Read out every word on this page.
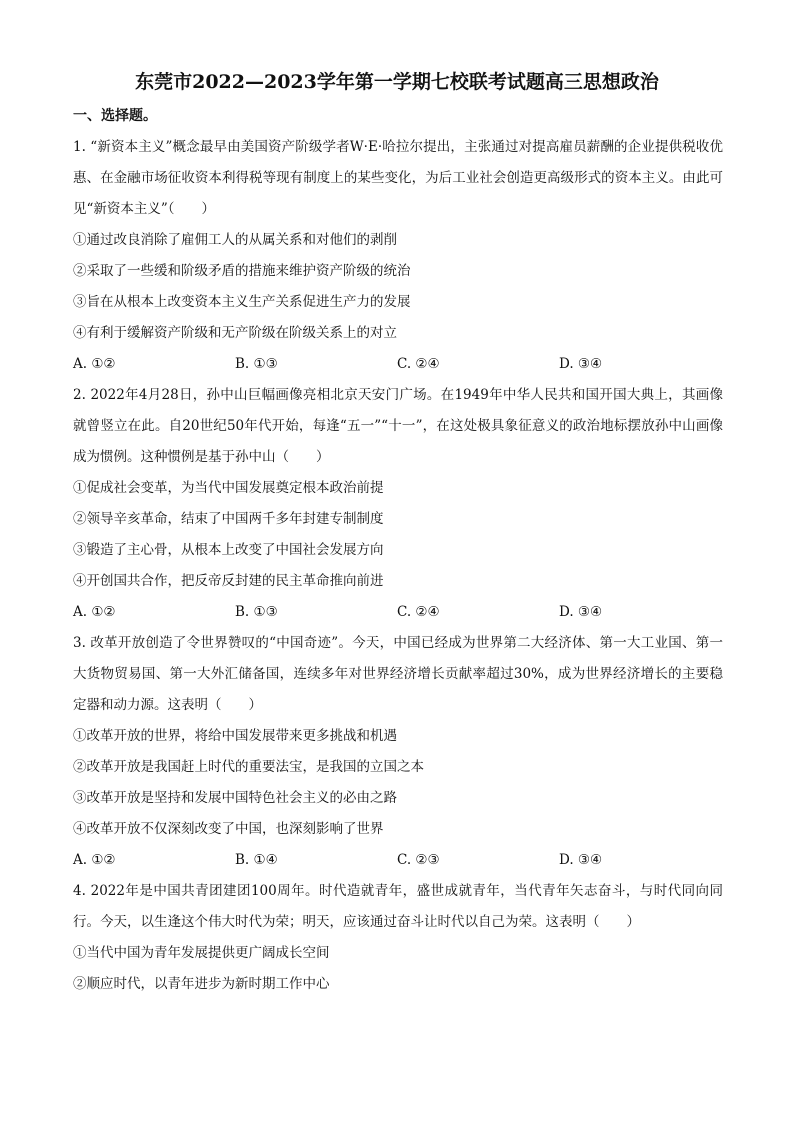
东莞市2022—2023学年第一学期七校联考试题高三思想政治
一、选择题。

1. “新资本主义”概念最早由美国资产阶级学者W·E·哈拉尔提出，主张通过对提高雇员薪酬的企业提供税收优惠、在金融市场征收资本利得税等现有制度上的某些变化，为后工业社会创造更高级形式的资本主义。由此可见“新资本主义”（　　）

①通过改良消除了雇佣工人的从属关系和对他们的剥削

②采取了一些缓和阶级矛盾的措施来维护资产阶级的统治

③旨在从根本上改变资本主义生产关系促进生产力的发展

④有利于缓解资产阶级和无产阶级在阶级关系上的对立

A. ①②	B. ①③	C. ②④	D. ③④

2. 2022年4月28日，孙中山巨幅画像亮相北京天安门广场。在1949年中华人民共和国开国大典上，其画像就曾竖立在此。自20世纪50年代开始，每逢“五一”“十一”，在这处极具象征意义的政治地标摆放孙中山画像成为惯例。这种惯例是基于孙中山（　　）

①促成社会变革，为当代中国发展奠定根本政治前提

②领导辛亥革命，结束了中国两千多年封建专制制度

③锻造了主心骨，从根本上改变了中国社会发展方向

④开创国共合作，把反帝反封建的民主革命推向前进

A. ①②	B. ①③	C. ②④	D. ③④

3. 改革开放创造了令世界赞叹的“中国奇迹”。今天，中国已经成为世界第二大经济体、第一大工业国、第一大货物贸易国、第一大外汇储备国，连续多年对世界经济增长贡献率超过30%，成为世界经济增长的主要稳定器和动力源。这表明（　　）

①改革开放的世界，将给中国发展带来更多挑战和机遇

②改革开放是我国赶上时代的重要法宝，是我国的立国之本

③改革开放是坚持和发展中国特色社会主义的必由之路

④改革开放不仅深刻改变了中国，也深刻影响了世界

A. ①②	B. ①④	C. ②③	D. ③④

4. 2022年是中国共青团建团100周年。时代造就青年，盛世成就青年，当代青年矢志奋斗，与时代同向同行。今天，以生逢这个伟大时代为荣；明天，应该通过奋斗让时代以自己为荣。这表明（　　）

①当代中国为青年发展提供更广阔成长空间

②顺应时代，以青年进步为新时期工作中心
